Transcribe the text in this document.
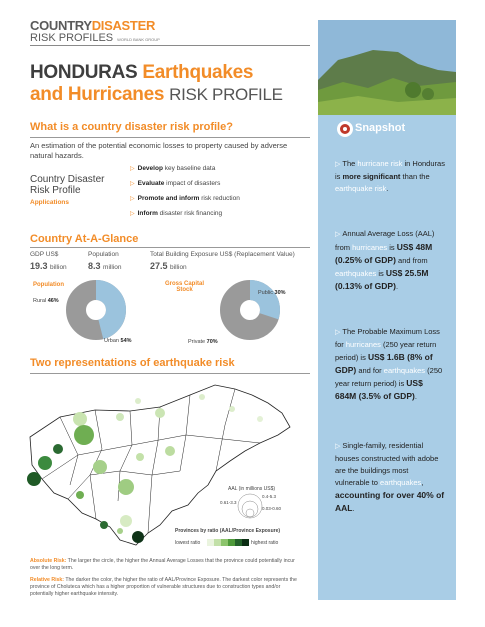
COUNTRYDISASTER
RISK PROFILES WORLD BANK GROUP
HONDURAS Earthquakes
and Hurricanes RISK PROFILE
What is a country disaster risk profile?
An estimation of the potential economic losses to property caused by adverse natural hazards.
Country Disaster
Risk Profile
Applications
▷ Develop key baseline data
▷ Evaluate impact of disasters
▷ Promote and inform risk reduction
▷ Inform disaster risk financing
Country At-A-Glance
GDP US$
19.3 billion
Population
8.3 million
Total Building Exposure US$ (Replacement Value)
27.5 billion
Population
Rural 46%
Urban 54%
Gross Capital
Stock	Public 30%
Private 70%
Two representations of earthquake risk
AAL (in millions US$)
0.4-5.3
0.61-3.3
0.03-0.60
Provinces by ratio (AAL/Province Exposure)
lowest ratio	highest ratio
Absolute Risk: The larger the circle, the higher the Annual Average Losses that the province could potentially incur over the long term.
Relative Risk: The darker the color, the higher the ratio of AAL/Province Exposure. The darkest color represents the province of Choluteca which has a higher proportion of vulnerable structures due to construction types and/or potentially higher earthquake intensity.
Snapshot
▷ The hurricane risk in Honduras is more significant than the earthquake risk.
▷ Annual Average Loss (AAL) from hurricanes is US$ 48M (0.25% of GDP) and from earthquakes is US$ 25.5M (0.13% of GDP).
▷ The Probable Maximum Loss for hurricanes (250 year return period) is US$ 1.6B (8% of GDP) and for earthquakes (250 year return period) is US$ 684M (3.5% of GDP).
▷ Single-family, residential houses constructed with adobe are the buildings most vulnerable to earthquakes, accounting for over 40% of AAL.
